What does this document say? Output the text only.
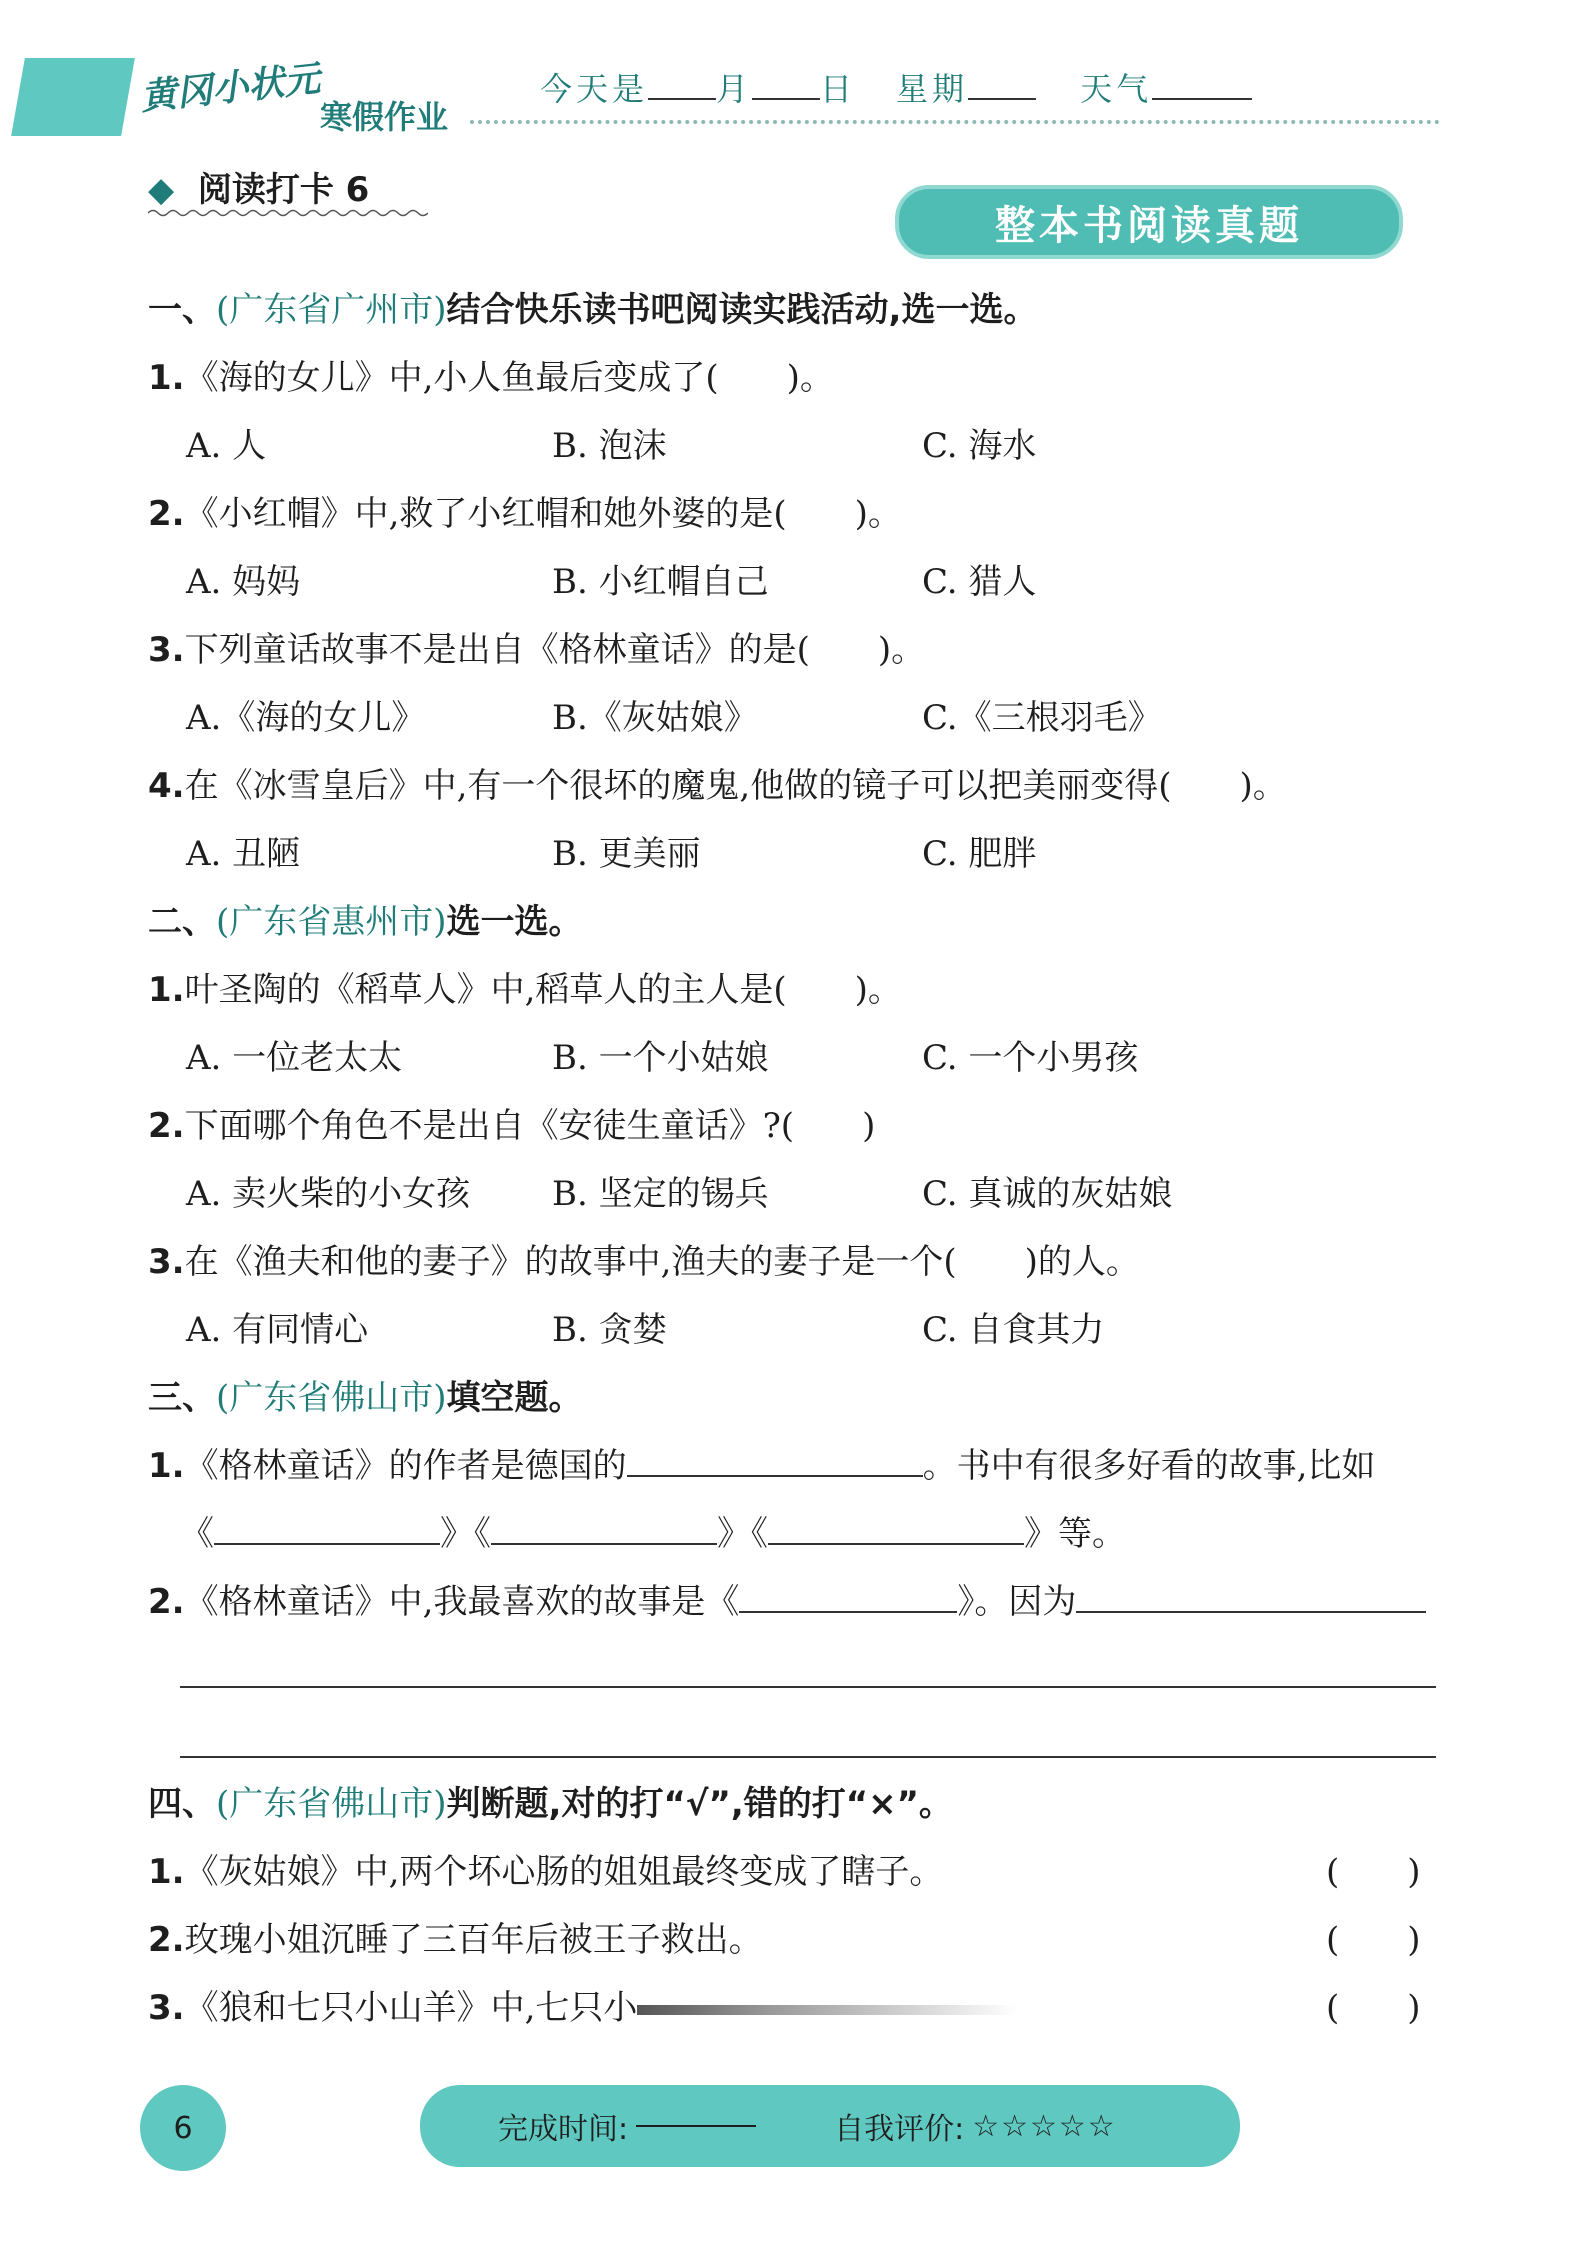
黄冈小状元
寒假作业
今天是 月 日 星期	天气
◆ 阅读打卡 6
整本书阅读真题
一、(广东省广州市)结合快乐读书吧阅读实践活动,选一选。
1.《海的女儿》中,小人鱼最后变成了(　　)。
A. 人	B. 泡沫	C. 海水
2.《小红帽》中,救了小红帽和她外婆的是(　　)。
A. 妈妈	B. 小红帽自己	C. 猎人
3.下列童话故事不是出自《格林童话》的是(　　)。
A.《海的女儿》	B.《灰姑娘》	C.《三根羽毛》
4.在《冰雪皇后》中,有一个很坏的魔鬼,他做的镜子可以把美丽变得(　　)。
A. 丑陋	B. 更美丽	C. 肥胖
二、(广东省惠州市)选一选。
1.叶圣陶的《稻草人》中,稻草人的主人是(　　)。
A. 一位老太太	B. 一个小姑娘	C. 一个小男孩
2.下面哪个角色不是出自《安徒生童话》?(　　)
A. 卖火柴的小女孩 B. 坚定的锡兵	C. 真诚的灰姑娘
3.在《渔夫和他的妻子》的故事中,渔夫的妻子是一个(　　)的人。
A. 有同情心	B. 贪婪	C. 自食其力
三、(广东省佛山市)填空题。
1.《格林童话》的作者是德国的	。书中有很多好看的故事,比如
《	》《	》《	》等。
2.《格林童话》中,我最喜欢的故事是《	》。因为
四、(广东省佛山市)判断题,对的打“√”,错的打“×”。
1.《灰姑娘》中,两个坏心肠的姐姐最终变成了瞎子。	(　　)
2.玫瑰小姐沉睡了三百年后被王子救出。	(　　)
3.《狼和七只小山羊》中,七只小	(　　)
6	完成时间:	自我评价: ☆☆☆☆☆
